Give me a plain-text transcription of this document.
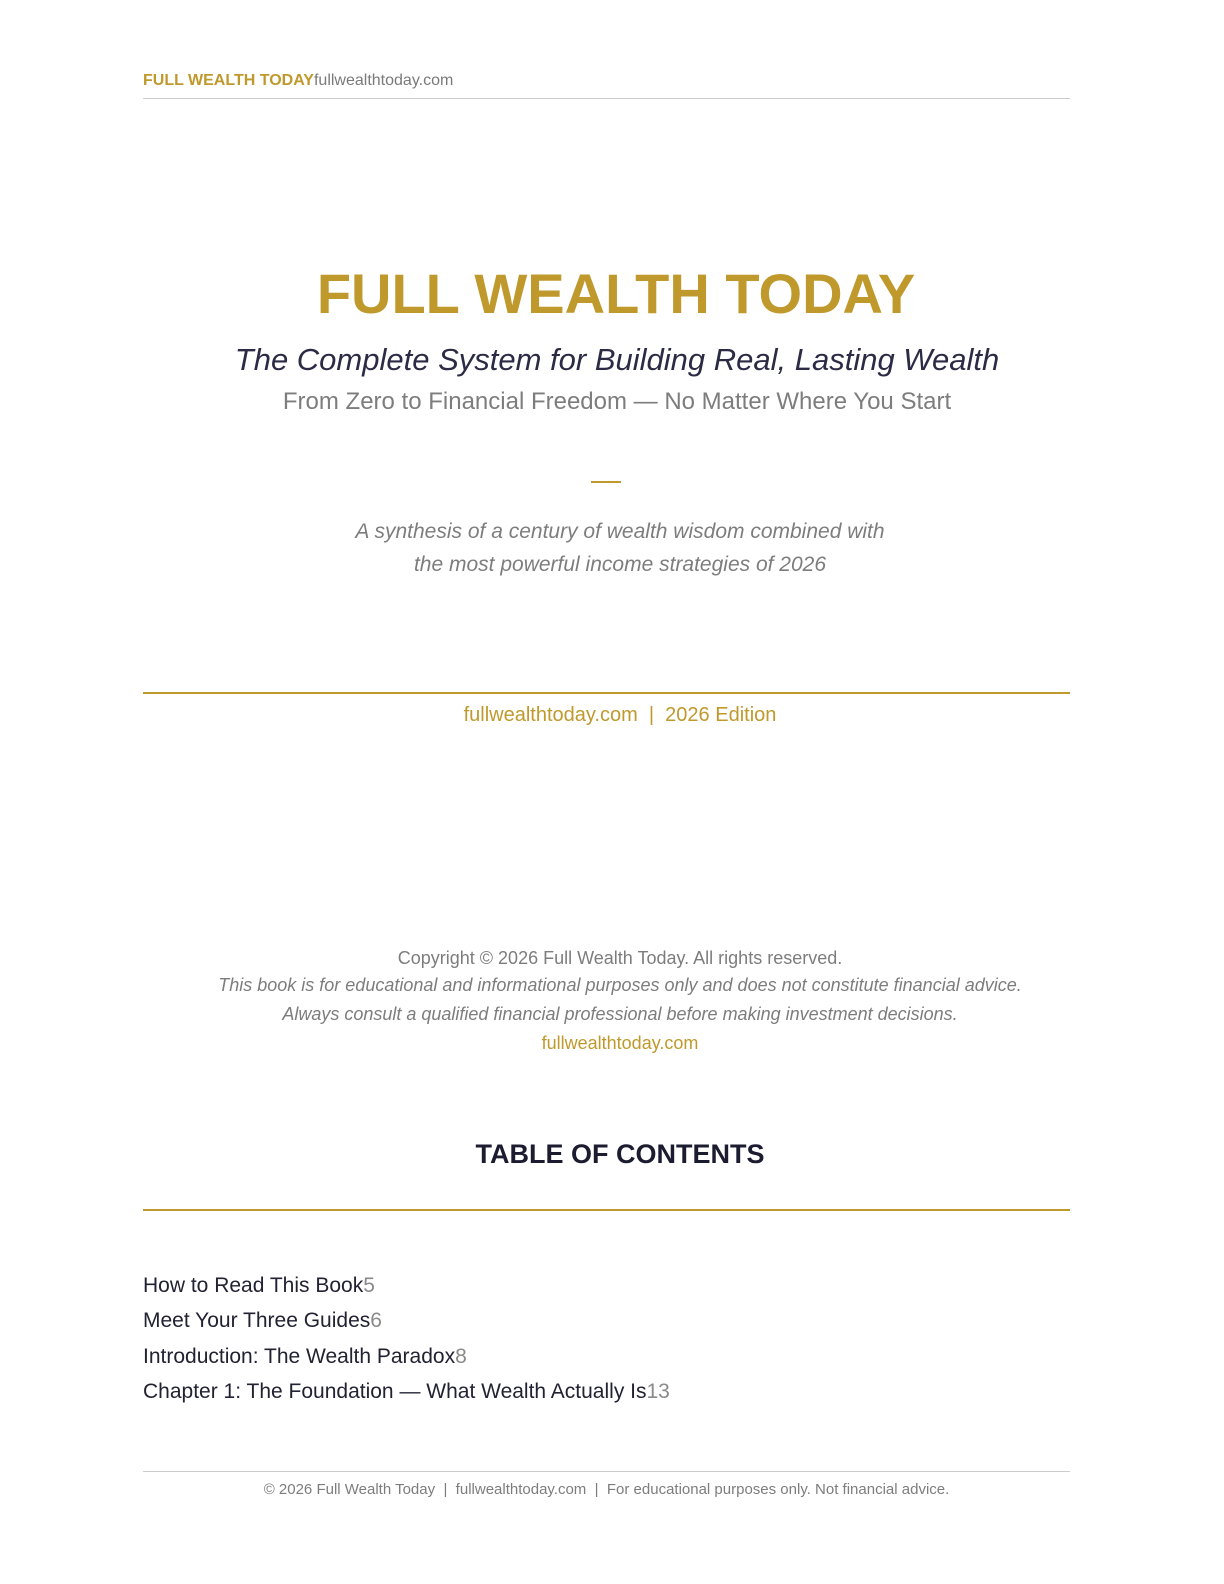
FULL WEALTH TODAYfullwealthtoday.com
FULL WEALTH TODAY
The Complete System for Building Real, Lasting Wealth
From Zero to Financial Freedom — No Matter Where You Start
A synthesis of a century of wealth wisdom combined with
the most powerful income strategies of 2026
fullwealthtoday.com  |  2026 Edition
Copyright © 2026 Full Wealth Today. All rights reserved.
This book is for educational and informational purposes only and does not constitute financial advice.
Always consult a qualified financial professional before making investment decisions.
fullwealthtoday.com
TABLE OF CONTENTS
How to Read This Book5
Meet Your Three Guides6
Introduction: The Wealth Paradox8
Chapter 1: The Foundation — What Wealth Actually Is13
© 2026 Full Wealth Today  |  fullwealthtoday.com  |  For educational purposes only. Not financial advice.
